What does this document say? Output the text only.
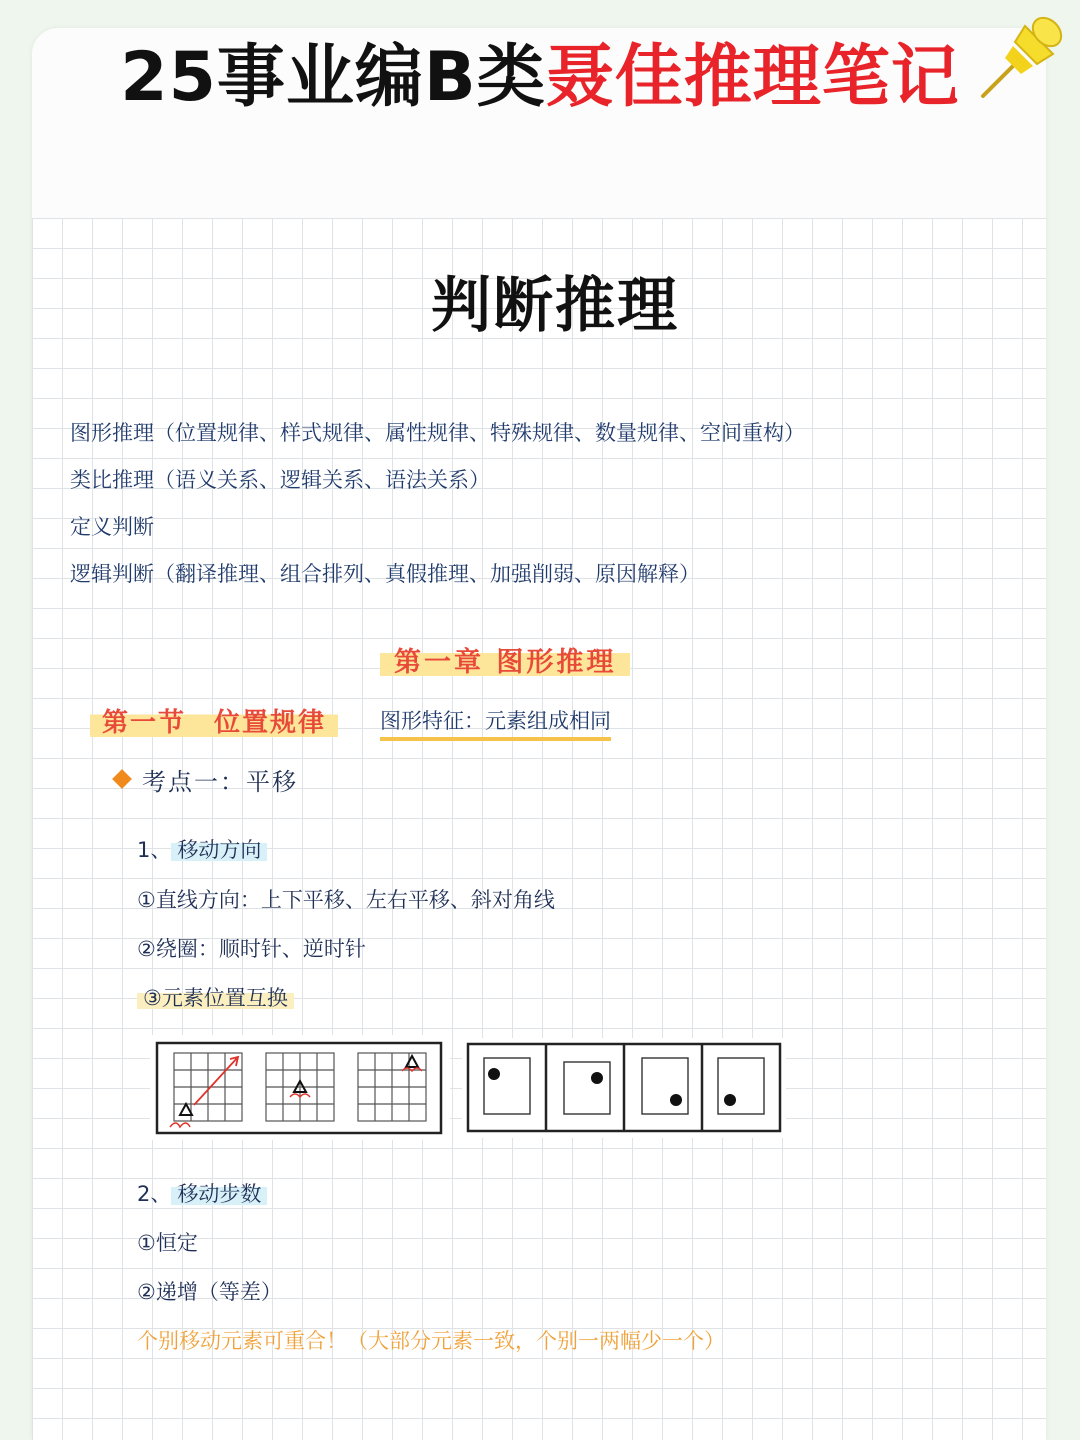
25事业编B类聂佳推理笔记
判断推理
图形推理（位置规律、样式规律、属性规律、特殊规律、数量规律、空间重构）
类比推理（语义关系、逻辑关系、语法关系）
定义判断
逻辑判断（翻译推理、组合排列、真假推理、加强削弱、原因解释）
第一章 图形推理
第一节　位置规律	图形特征：元素组成相同
考点一：平移
1、 移动方向
①直线方向：上下平移、左右平移、斜对角线
②绕圈：顺时针、逆时针
③元素位置互换
2、 移动步数
①恒定
②递增（等差）
个别移动元素可重合！（大部分元素一致，个别一两幅少一个）
